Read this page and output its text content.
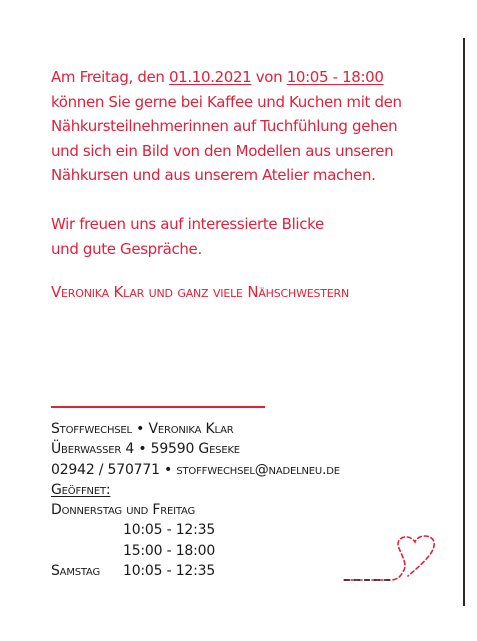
Am Freitag, den 01.10.2021 von 10:05 - 18:00

können Sie gerne bei Kaffee und Kuchen mit den

Nähkursteilnehmerinnen auf Tuchfühlung gehen

und sich ein Bild von den Modellen aus unseren

Nähkursen und aus unserem Atelier machen.

Wir freuen uns auf interessierte Blicke

und gute Gespräche.

Veronika Klar und ganz viele Nähschwestern
Stoffwechsel • Veronika Klar
Überwasser 4 • 59590 Geseke
02942 / 570771 • stoffwechsel@nadelneu.de
Geöffnet:
Donnerstag und Freitag
10:05 - 12:35
15:00 - 18:00
Samstag	10:05 - 12:35
